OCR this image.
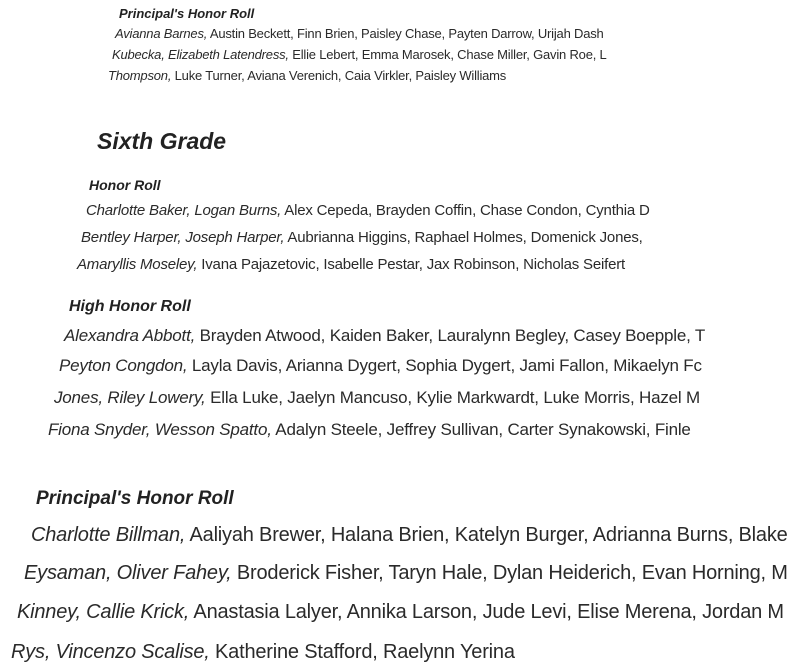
Principal's Honor Roll
Avianna Barnes, Austin Beckett, Finn Brien, Paisley Chase, Payten Darrow, Urijah Dash
Kubecka, Elizabeth Latendress, Ellie Lebert, Emma Marosek, Chase Miller, Gavin Roe, L
Thompson, Luke Turner, Aviana Verenich, Caia Virkler, Paisley Williams
Sixth Grade
Honor Roll
Charlotte Baker, Logan Burns, Alex Cepeda, Brayden Coffin, Chase Condon, Cynthia D
Bentley Harper, Joseph Harper, Aubrianna Higgins, Raphael Holmes, Domenick Jones,
Amaryllis Moseley, Ivana Pajazetovic, Isabelle Pestar, Jax Robinson, Nicholas Seifert
High Honor Roll
Alexandra Abbott, Brayden Atwood, Kaiden Baker, Lauralynn Begley, Casey Boepple, T
Peyton Congdon, Layla Davis, Arianna Dygert, Sophia Dygert, Jami Fallon, Mikaelyn Fc
Jones, Riley Lowery, Ella Luke, Jaelyn Mancuso, Kylie Markwardt, Luke Morris, Hazel M
Fiona Snyder, Wesson Spatto, Adalyn Steele, Jeffrey Sullivan, Carter Synakowski, Finle
Principal's Honor Roll
Charlotte Billman, Aaliyah Brewer, Halana Brien, Katelyn Burger, Adrianna Burns, Blake
Eysaman, Oliver Fahey, Broderick Fisher, Taryn Hale, Dylan Heiderich, Evan Horning, M
Kinney, Callie Krick, Anastasia Lalyer, Annika Larson, Jude Levi, Elise Merena, Jordan M
Rys, Vincenzo Scalise, Katherine Stafford, Raelynn Yerina
